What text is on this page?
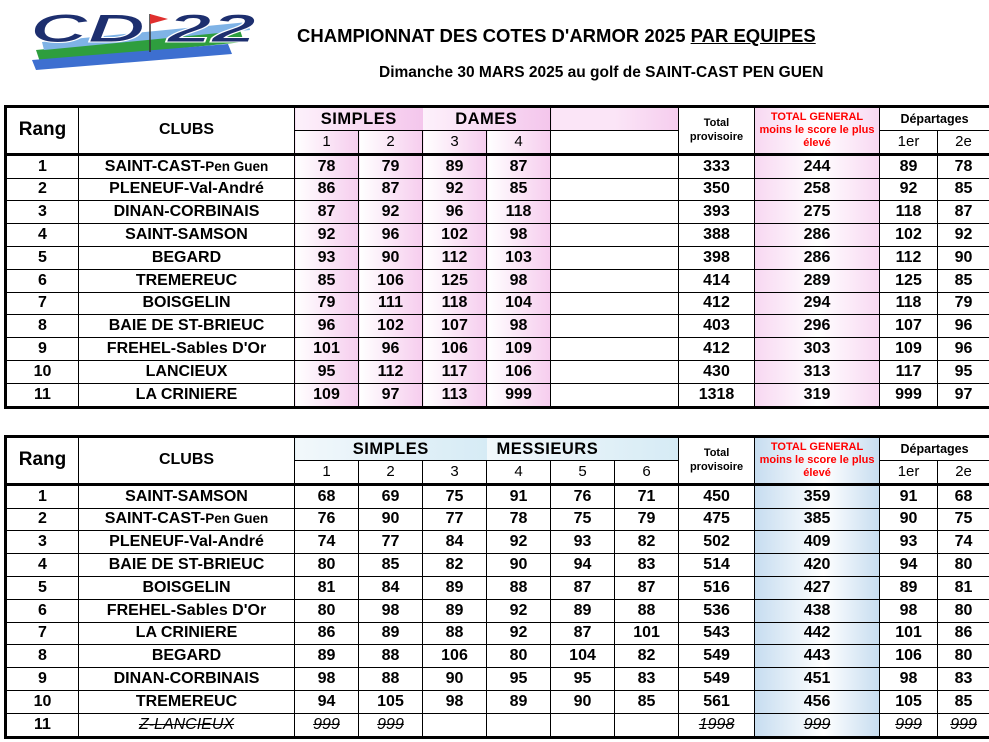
CD 22 CHAMPIONNAT DES COTES D'ARMOR 2025 PAR EQUIPES
Dimanche 30 MARS 2025 au golf de SAINT-CAST PEN GUEN
Rang	CLUBS	SIMPLES		DAMES			Total provisoire	TOTAL GENERAL
moins le score le plus élevé	Départages	
		1	2	3	4				1er	2e
1	SAINT-CAST-Pen Guen	78	79	89	87		333	244	89	78
2	PLENEUF-Val-André	86	87	92	85		350	258	92	85
3	DINAN-CORBINAIS	87	92	96	118		393	275	118	87
4	SAINT-SAMSON	92	96	102	98		388	286	102	92
5	BEGARD	93	90	112	103		398	286	112	90
6	TREMEREUC	85	106	125	98		414	289	125	85
7	BOISGELIN	79	111	118	104		412	294	118	79
8	BAIE DE ST-BRIEUC	96	102	107	98		403	296	107	96
9	FREHEL-Sables D'Or	101	96	106	109		412	303	109	96
10	LANCIEUX	95	112	117	106		430	313	117	95
11	LA CRINIERE	109	97	113	999		1318	319	999	97
Rang	CLUBS	SIMPLES			MESSIEURS			Total provisoire	TOTAL GENERAL
moins le score le plus élevé	Départages	
		1	2	3	4	5	6			1er	2e
1	SAINT-SAMSON	68	69	75	91	76	71	450	359	91	68
2	SAINT-CAST-Pen Guen	76	90	77	78	75	79	475	385	90	75
3	PLENEUF-Val-André	74	77	84	92	93	82	502	409	93	74
4	BAIE DE ST-BRIEUC	80	85	82	90	94	83	514	420	94	80
5	BOISGELIN	81	84	89	88	87	87	516	427	89	81
6	FREHEL-Sables D'Or	80	98	89	92	89	88	536	438	98	80
7	LA CRINIERE	86	89	88	92	87	101	543	442	101	86
8	BEGARD	89	88	106	80	104	82	549	443	106	80
9	DINAN-CORBINAIS	98	88	90	95	95	83	549	451	98	83
10	TREMEREUC	94	105	98	89	90	85	561	456	105	85
11	Z-LANCIEUX	999	999					1998	999	999	999
